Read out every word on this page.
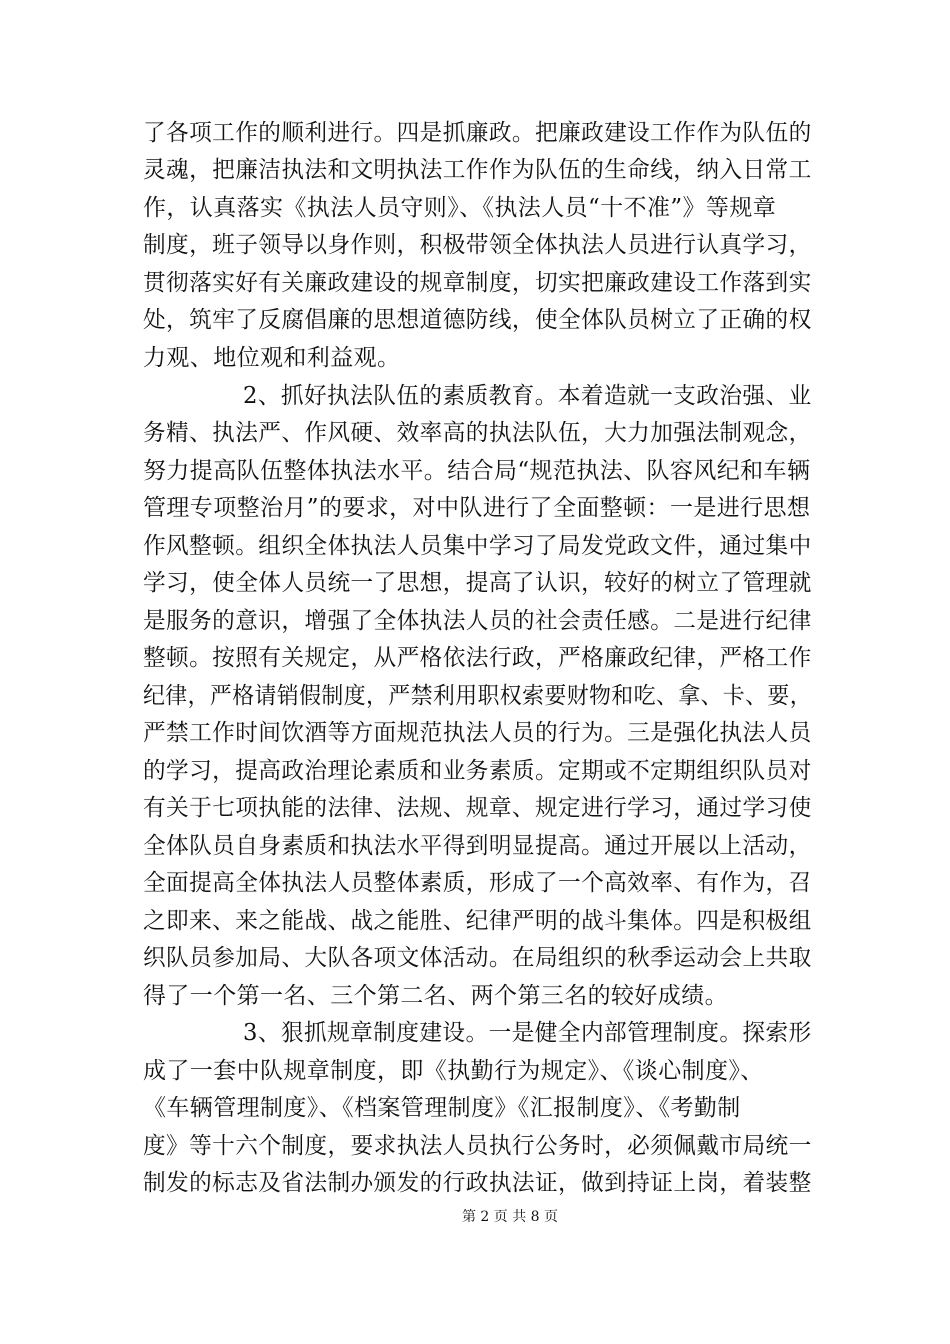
了各项工作的顺利进行。四是抓廉政。把廉政建设工作作为队伍的
灵魂，把廉洁执法和文明执法工作作为队伍的生命线，纳入日常工
作，认真落实《执法人员守则》、《执法人员“十不准”》等规章
制度，班子领导以身作则，积极带领全体执法人员进行认真学习，
贯彻落实好有关廉政建设的规章制度，切实把廉政建设工作落到实
处，筑牢了反腐倡廉的思想道德防线，使全体队员树立了正确的权
力观、地位观和利益观。
2、抓好执法队伍的素质教育。本着造就一支政治强、业
务精、执法严、作风硬、效率高的执法队伍，大力加强法制观念，
努力提高队伍整体执法水平。结合局“规范执法、队容风纪和车辆
管理专项整治月”的要求，对中队进行了全面整顿：一是进行思想
作风整顿。组织全体执法人员集中学习了局发党政文件，通过集中
学习，使全体人员统一了思想，提高了认识，较好的树立了管理就
是服务的意识，增强了全体执法人员的社会责任感。二是进行纪律
整顿。按照有关规定，从严格依法行政，严格廉政纪律，严格工作
纪律，严格请销假制度，严禁利用职权索要财物和吃、拿、卡、要，
严禁工作时间饮酒等方面规范执法人员的行为。三是强化执法人员
的学习，提高政治理论素质和业务素质。定期或不定期组织队员对
有关于七项执能的法律、法规、规章、规定进行学习，通过学习使
全体队员自身素质和执法水平得到明显提高。通过开展以上活动，
全面提高全体执法人员整体素质，形成了一个高效率、有作为，召
之即来、来之能战、战之能胜、纪律严明的战斗集体。四是积极组
织队员参加局、大队各项文体活动。在局组织的秋季运动会上共取
得了一个第一名、三个第二名、两个第三名的较好成绩。
3、狠抓规章制度建设。一是健全内部管理制度。探索形
成了一套中队规章制度，即《执勤行为规定》、《谈心制度》、
《车辆管理制度》、《档案管理制度》《汇报制度》、《考勤制
度》等十六个制度，要求执法人员执行公务时，必须佩戴市局统一
制发的标志及省法制办颁发的行政执法证，做到持证上岗，着装整
第 2 页 共 8 页
